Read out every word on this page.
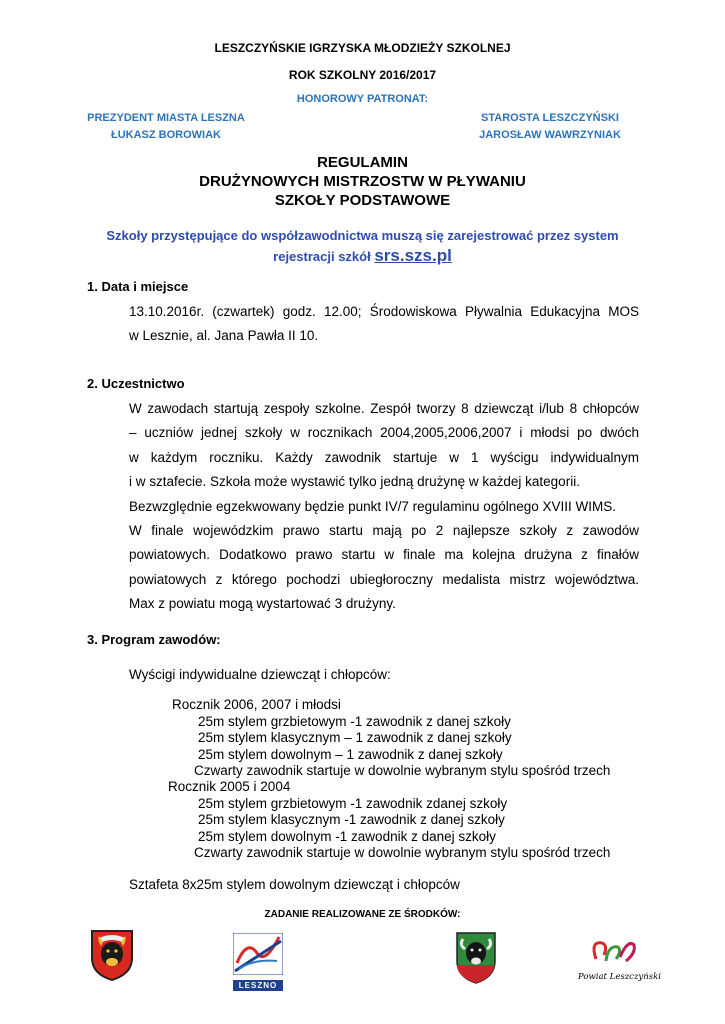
LESZCZYŃSKIE IGRZYSKA MŁODZIEŻY SZKOLNEJ
ROK SZKOLNY 2016/2017
HONOROWY PATRONAT:
PREZYDENT MIASTA LESZNA
ŁUKASZ BOROWIAK
STAROSTA LESZCZYŃSKI
JAROSŁAW WAWRZYNIAK
REGULAMIN
DRUŻYNOWYCH MISTRZOSTW W PŁYWANIU
SZKOŁY PODSTAWOWE
Szkoły przystępujące do współzawodnictwa muszą się zarejestrować przez system
rejestracji szkół srs.szs.pl
1. Data i miejsce
13.10.2016r. (czwartek) godz. 12.00; Środowiskowa Pływalnia Edukacyjna MOS
w Lesznie, al. Jana Pawła II 10.
2. Uczestnictwo
W zawodach startują zespoły szkolne. Zespół tworzy 8 dziewcząt i/lub 8 chłopców
– uczniów jednej szkoły w rocznikach 2004,2005,2006,2007 i młodsi po dwóch
w każdym roczniku. Każdy zawodnik startuje w 1 wyścigu indywidualnym
i w sztafecie. Szkoła może wystawić tylko jedną drużynę w każdej kategorii.
Bezwzględnie egzekwowany będzie punkt IV/7 regulaminu ogólnego XVIII WIMS.
W finale wojewódzkim prawo startu mają po 2 najlepsze szkoły z zawodów
powiatowych. Dodatkowo prawo startu w finale ma kolejna drużyna z finałów
powiatowych z którego pochodzi ubiegłoroczny medalista mistrz województwa.
Max z powiatu mogą wystartować 3 drużyny.
3. Program zawodów:
Wyścigi indywidualne dziewcząt i chłopców:
Rocznik 2006, 2007 i młodsi
25m stylem grzbietowym -1 zawodnik z danej szkoły
25m stylem klasycznym – 1 zawodnik z danej szkoły
25m stylem dowolnym – 1 zawodnik z danej szkoły
Czwarty zawodnik startuje w dowolnie wybranym stylu spośród trzech
Rocznik 2005 i 2004
25m stylem grzbietowym -1 zawodnik zdanej szkoły
25m stylem klasycznym -1 zawodnik z danej szkoły
25m stylem dowolnym -1 zawodnik z danej szkoły
Czwarty zawodnik startuje w dowolnie wybranym stylu spośród trzech
Sztafeta 8x25m stylem dowolnym dziewcząt i chłopców
ZADANIE REALIZOWANE ZE ŚRODKÓW:
LESZNO
Powiat Leszczyński
